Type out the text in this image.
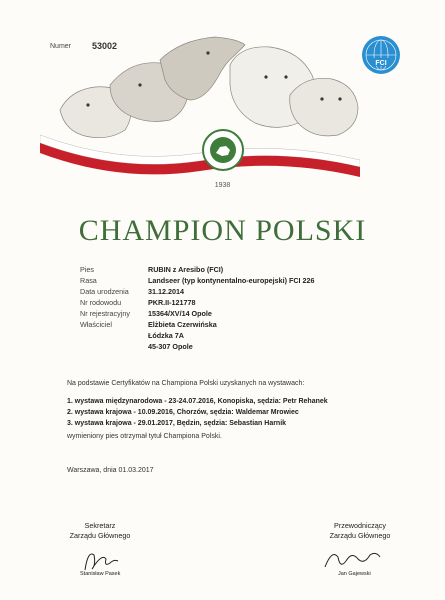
Numer 53002
FCI
1938
CHAMPION POLSKI
Pies	RUBIN z Aresibo (FCI)
Rasa	Landseer (typ kontynentalno-europejski) FCI 226
Data urodzenia	31.12.2014
Nr rodowodu	PKR.II-121778
Nr rejestracyjny	15364/XV/14 Opole
Właściciel	Elżbieta Czerwińska
Łódzka 7A
45-307 Opole
Na podstawie Certyfikatów na Championa Polski uzyskanych na wystawach:
1. wystawa międzynarodowa - 23-24.07.2016, Konopiska, sędzia: Petr Rehanek
2. wystawa krajowa - 10.09.2016, Chorzów, sędzia: Waldemar Mrowiec
3. wystawa krajowa - 29.01.2017, Będzin, sędzia: Sebastian Harnik
wymieniony pies otrzymał tytuł Championa Polski.
Warszawa, dnia 01.03.2017
Sekretarz
Zarządu Głównego
Stanisław Pasek
Przewodniczący
Zarządu Głównego
Jan Gajewski
